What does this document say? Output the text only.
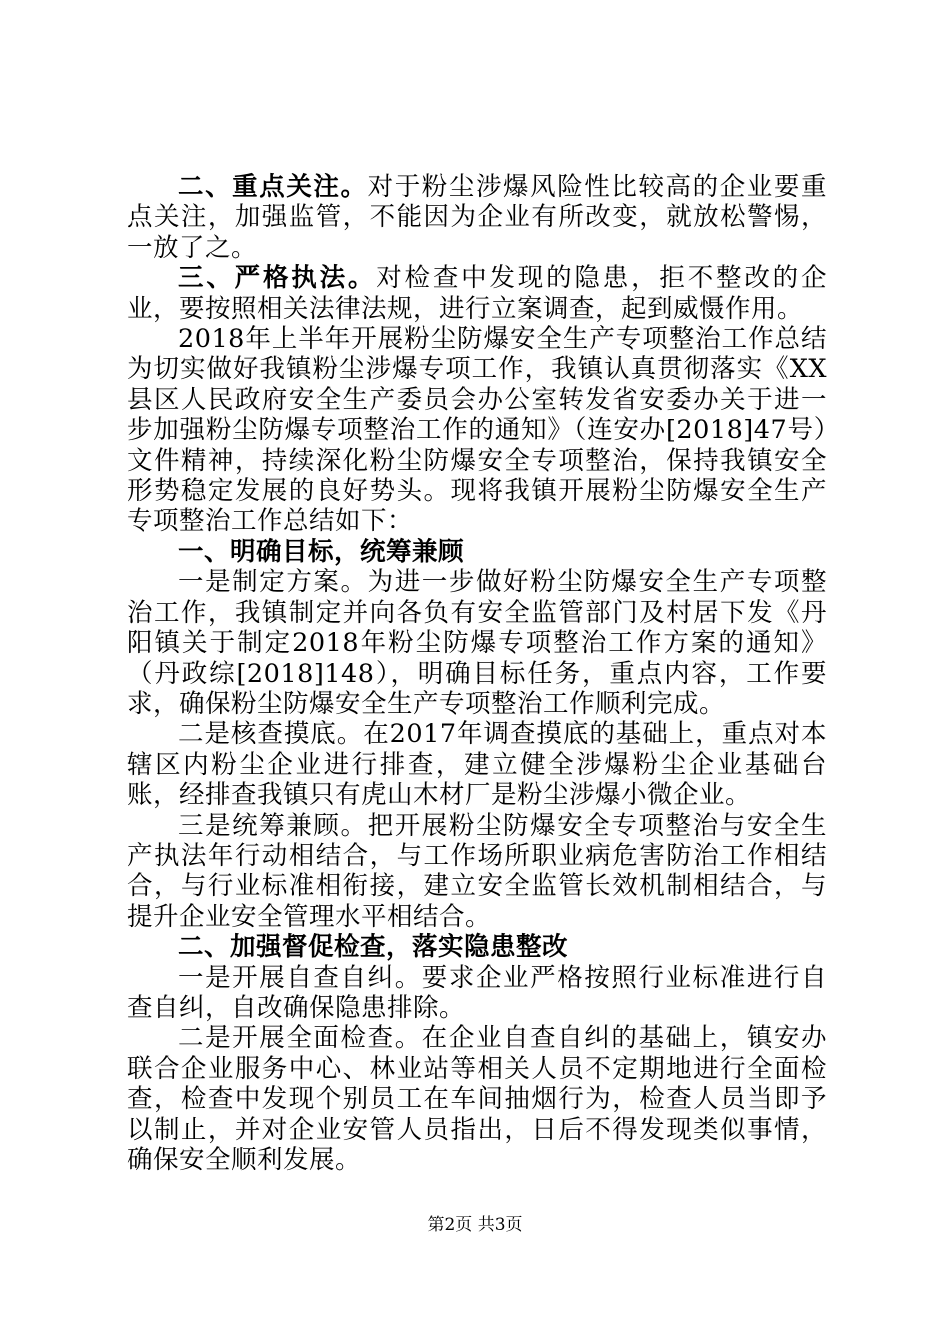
二、重点关注。对于粉尘涉爆风险性比较高的企业要重点关注，加强监管，不能因为企业有所改变，就放松警惕，一放了之。

三、严格执法。对检查中发现的隐患，拒不整改的企业，要按照相关法律法规，进行立案调查，起到威慑作用。

2018年上半年开展粉尘防爆安全生产专项整治工作总结为切实做好我镇粉尘涉爆专项工作，我镇认真贯彻落实《XX县区人民政府安全生产委员会办公室转发省安委办关于进一步加强粉尘防爆专项整治工作的通知》（连安办[2018]47号）文件精神，持续深化粉尘防爆安全专项整治，保持我镇安全形势稳定发展的良好势头。现将我镇开展粉尘防爆安全生产专项整治工作总结如下：

一、明确目标，统筹兼顾

一是制定方案。为进一步做好粉尘防爆安全生产专项整治工作，我镇制定并向各负有安全监管部门及村居下发《丹阳镇关于制定2018年粉尘防爆专项整治工作方案的通知》（丹政综[2018]148），明确目标任务，重点内容，工作要求，确保粉尘防爆安全生产专项整治工作顺利完成。

二是核查摸底。在2017年调查摸底的基础上，重点对本辖区内粉尘企业进行排查，建立健全涉爆粉尘企业基础台账，经排查我镇只有虎山木材厂是粉尘涉爆小微企业。

三是统筹兼顾。把开展粉尘防爆安全专项整治与安全生产执法年行动相结合，与工作场所职业病危害防治工作相结合，与行业标准相衔接，建立安全监管长效机制相结合，与提升企业安全管理水平相结合。

二、加强督促检查，落实隐患整改

一是开展自查自纠。要求企业严格按照行业标准进行自查自纠，自改确保隐患排除。

二是开展全面检查。在企业自查自纠的基础上，镇安办联合企业服务中心、林业站等相关人员不定期地进行全面检查，检查中发现个别员工在车间抽烟行为，检查人员当即予以制止，并对企业安管人员指出，日后不得发现类似事情，确保安全顺利发展。

第2页 共3页
